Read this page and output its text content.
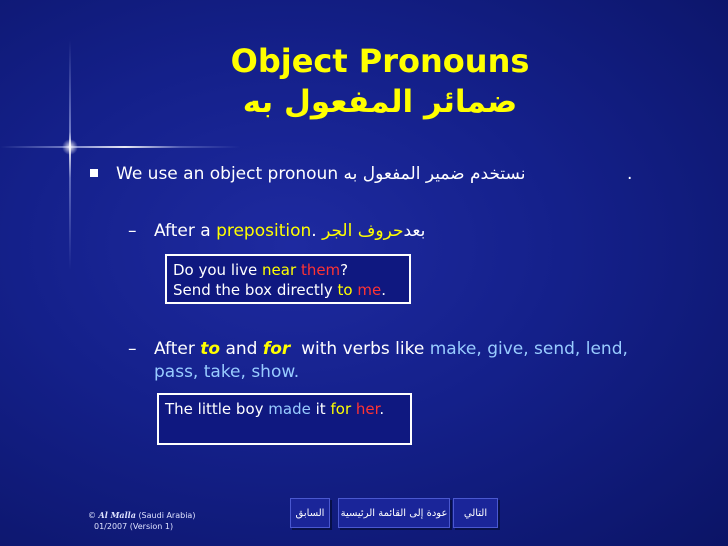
Object Pronouns
ضمائر المفعول به
We use an object pronoun نستخدم ضمير المفعول به	.
– After a preposition.	بعدحروف الجر
Do you live near them?
Send the box directly to me.
– After to and for with verbs like make, give, send, lend,
pass, take, show.
The little boy made it for her.
© Al Malla (Saudi Arabia)
01/2007 (Version 1)
السابق	عودة إلى القائمة الرئيسية	التالي
